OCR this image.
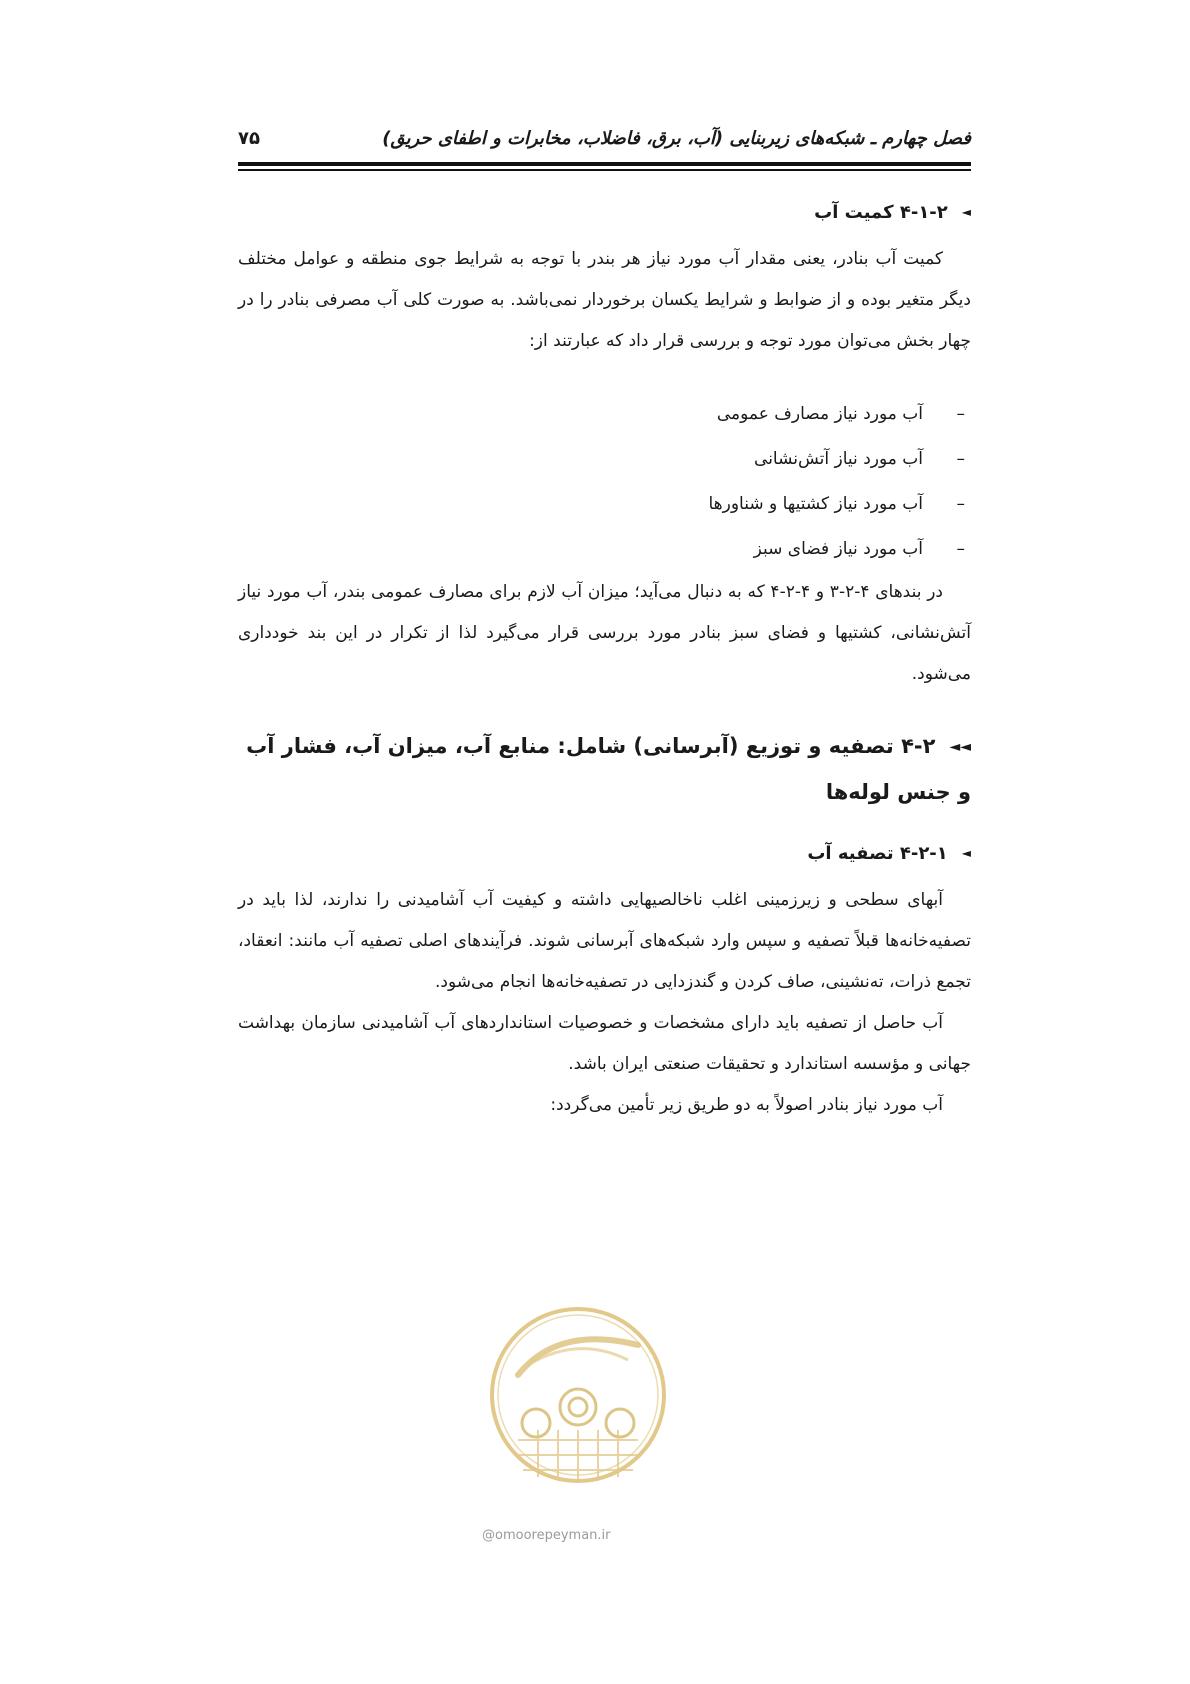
فصل چهارم ـ شبکه‌های زیربنایی (آب، برق، فاضلاب، مخابرات و اطفای حریق)
۷۵
◄۴-۱-۲ کمیت آب

کمیت آب بنادر، یعنی مقدار آب مورد نیاز هر بندر با توجه به شرایط جوی منطقه و عوامل مختلف دیگر متغیر بوده و از ضوابط و شرایط یکسان برخوردار نمی‌باشد. به صورت کلی آب مصرفی بنادر را در چهار بخش می‌توان مورد توجه و بررسی قرار داد که عبارتند از:

–آب مورد نیاز مصارف عمومی
–آب مورد نیاز آتش‌نشانی
–آب مورد نیاز کشتیها و شناورها
–آب مورد نیاز فضای سبز

در بندهای ۴-۲-۳ و ۴-۲-۴ که به دنبال می‌آید؛ میزان آب لازم برای مصارف عمومی بندر، آب مورد نیاز آتش‌نشانی، کشتیها و فضای سبز بنادر مورد بررسی قرار می‌گیرد لذا از تکرار در این بند خودداری می‌شود.

◄◄۴-۲ تصفیه و توزیع (آبرسانی) شامل: منابع آب، میزان آب، فشار آب و جنس لوله‌ها
◄۴-۲-۱ تصفیه آب

آبهای سطحی و زیرزمینی اغلب ناخالصیهایی داشته و کیفیت آب آشامیدنی را ندارند، لذا باید در تصفیه‌خانه‌ها قبلاً تصفیه و سپس وارد شبکه‌های آبرسانی شوند. فرآیندهای اصلی تصفیه آب مانند: انعقاد، تجمع ذرات، ته‌نشینی، صاف کردن و گندزدایی در تصفیه‌خانه‌ها انجام می‌شود.

آب حاصل از تصفیه باید دارای مشخصات و خصوصیات استانداردهای آب آشامیدنی سازمان بهداشت جهانی و مؤسسه استاندارد و تحقیقات صنعتی ایران باشد.

آب مورد نیاز بنادر اصولاً به دو طریق زیر تأمین می‌گردد:

@omoorepeyman.ir
